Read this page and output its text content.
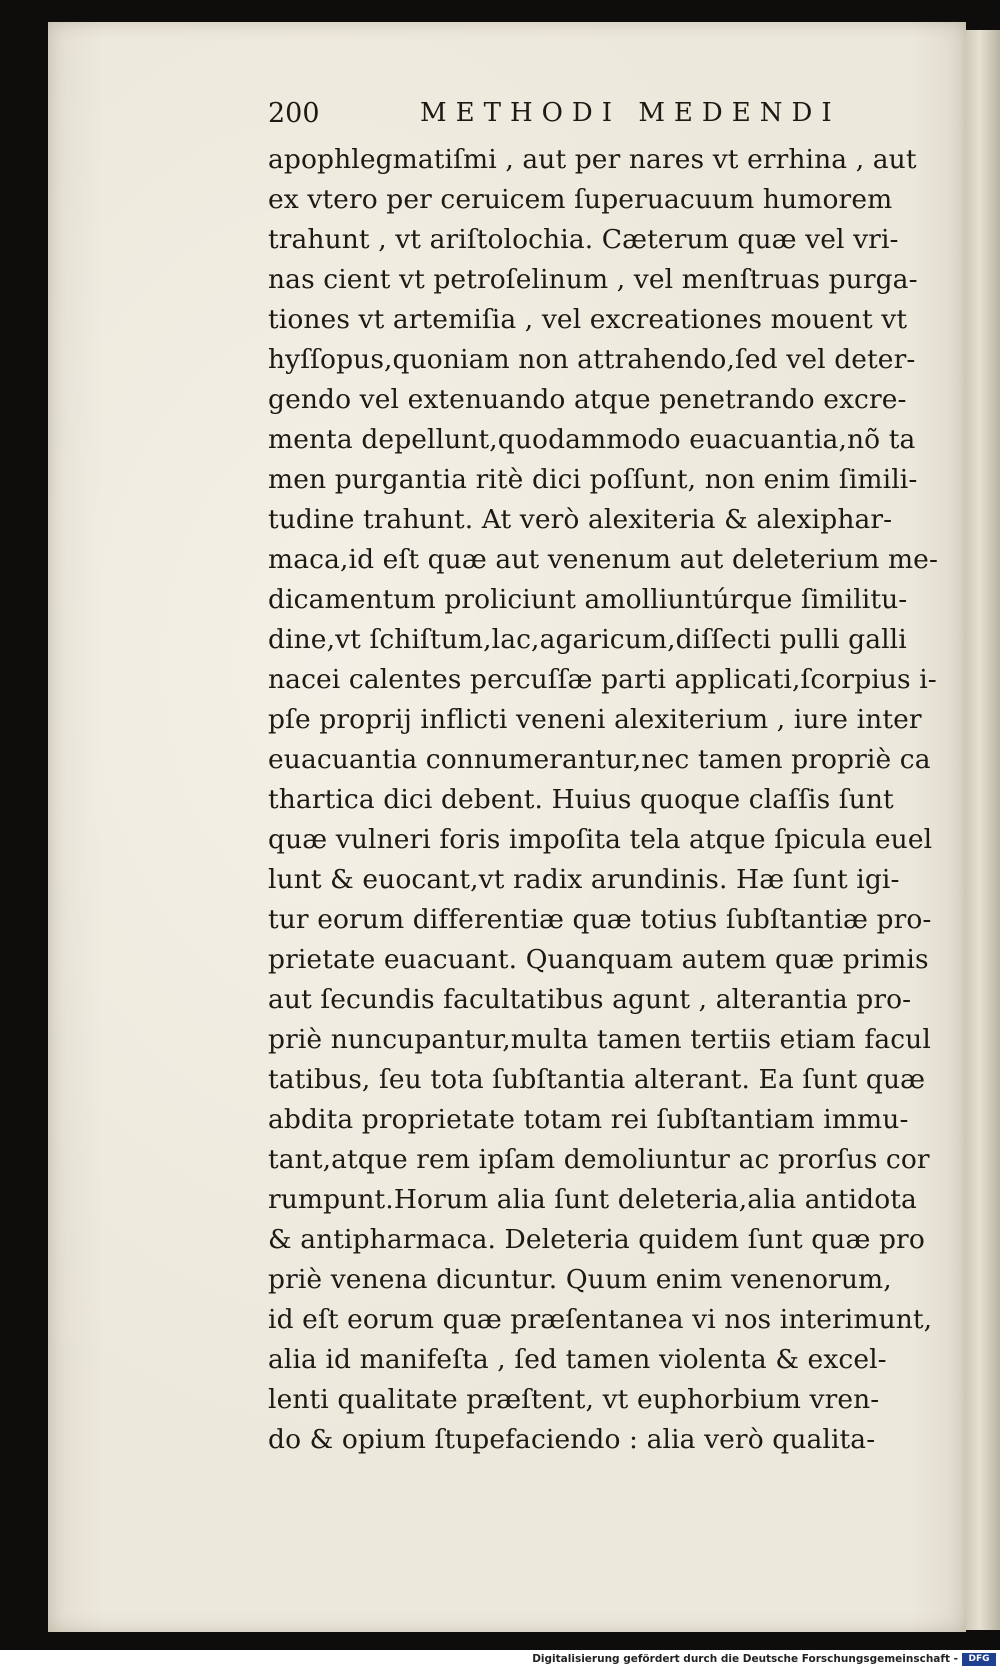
200	METHODI MEDENDI
apophlegmatiſmi , aut per nares vt errhina , aut
ex vtero per ceruicem ſuperuacuum humorem
trahunt , vt ariſtolochia. Cæterum quæ vel vri-
nas cient vt petroſelinum , vel menſtruas purga-
tiones vt artemiſia , vel excreationes mouent vt
hyſſopus,quoniam non attrahendo,ſed vel deter-
gendo vel extenuando atque penetrando excre-
menta depellunt,quodammodo euacuantia,nõ ta
men purgantia ritè dici poſſunt, non enim ſimili-
tudine trahunt. At verò alexiteria & alexiphar-
maca,id eſt quæ aut venenum aut deleterium me-
dicamentum proliciunt amolliuntúrque ſimilitu-
dine,vt ſchiſtum,lac,agaricum,diſſecti pulli galli
nacei calentes percuſſæ parti applicati,ſcorpius i-
pſe proprij inflicti veneni alexiterium , iure inter
euacuantia connumerantur,nec tamen propriè ca
thartica dici debent. Huius quoque claſſis ſunt
quæ vulneri foris impoſita tela atque ſpicula euel
lunt & euocant,vt radix arundinis. Hæ ſunt igi-
tur eorum differentiæ quæ totius ſubſtantiæ pro-
prietate euacuant. Quanquam autem quæ primis
aut ſecundis facultatibus agunt , alterantia pro-
priè nuncupantur,multa tamen tertiis etiam facul
tatibus, ſeu tota ſubſtantia alterant. Ea ſunt quæ
abdita proprietate totam rei ſubſtantiam immu-
tant,atque rem ipſam demoliuntur ac prorſus cor
rumpunt.Horum alia ſunt deleteria,alia antidota
& antipharmaca. Deleteria quidem ſunt quæ pro
priè venena dicuntur. Quum enim venenorum,
id eſt eorum quæ præſentanea vi nos interimunt,
alia id manifeſta , ſed tamen violenta & excel-
lenti qualitate præſtent, vt euphorbium vren-
do & opium ſtupefaciendo : alia verò qualita-
Digitalisierung gefördert durch die Deutsche Forschungsgemeinschaft -	DFG
